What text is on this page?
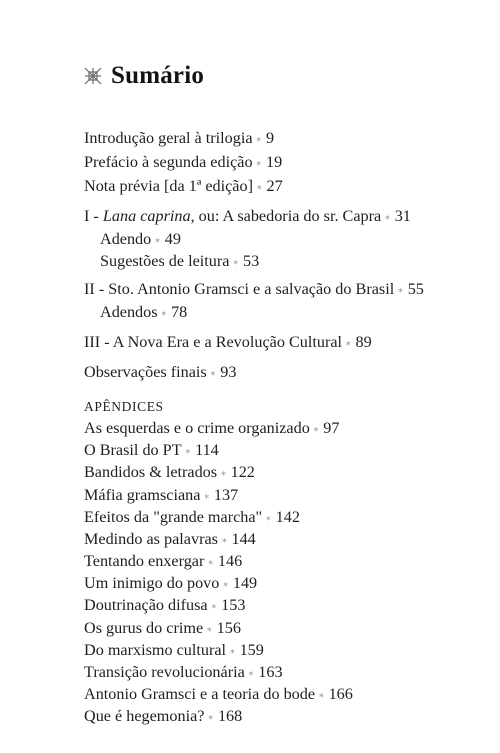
Sumário
Introdução geral à trilogia ⁎ 9
Prefácio à segunda edição ⁎ 19
Nota prévia [da 1ª edição] ⁎ 27
I - Lana caprina, ou: A sabedoria do sr. Capra ⁎ 31
Adendo ⁎ 49
Sugestões de leitura ⁎ 53
II - Sto. Antonio Gramsci e a salvação do Brasil ⁎ 55
Adendos ⁎ 78
III - A Nova Era e a Revolução Cultural ⁎ 89
Observações finais ⁎ 93
APÊNDICES
As esquerdas e o crime organizado ⁎ 97
O Brasil do PT ⁎ 114
Bandidos & letrados ⁎ 122
Máfia gramsciana ⁎ 137
Efeitos da "grande marcha" ⁎ 142
Medindo as palavras ⁎ 144
Tentando enxergar ⁎ 146
Um inimigo do povo ⁎ 149
Doutrinação difusa ⁎ 153
Os gurus do crime ⁎ 156
Do marxismo cultural ⁎ 159
Transição revolucionária ⁎ 163
Antonio Gramsci e a teoria do bode ⁎ 166
Que é hegemonia? ⁎ 168
